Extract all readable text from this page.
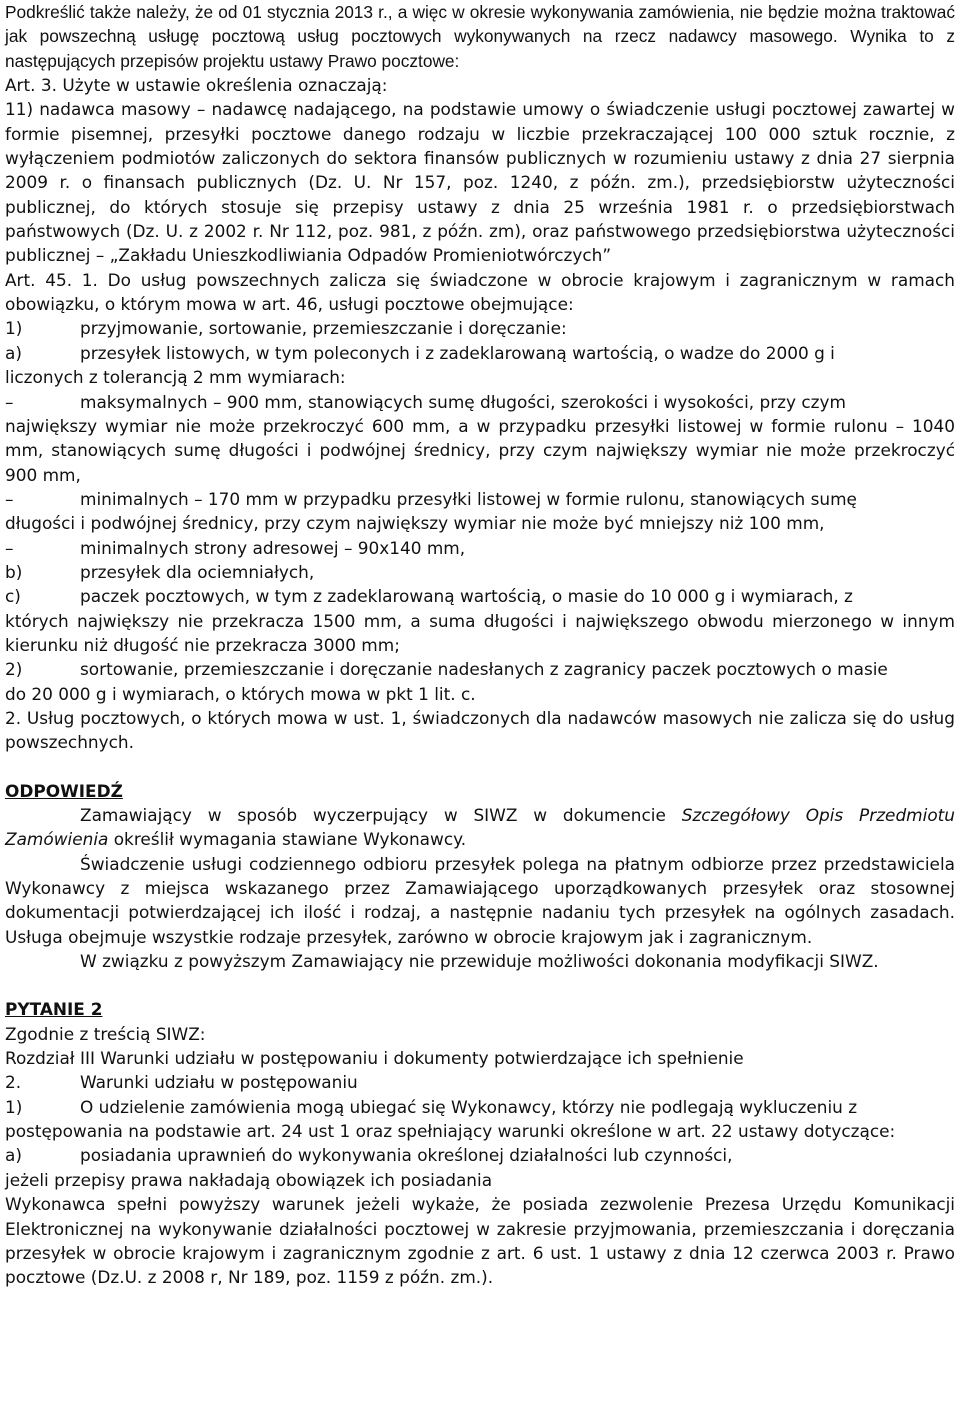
Podkreślić także należy, że od 01 stycznia 2013 r., a więc w okresie wykonywania zamówienia, nie będzie można traktować jak powszechną usługę pocztową usług pocztowych wykonywanych na rzecz nadawcy masowego. Wynika to z następujących przepisów projektu ustawy Prawo pocztowe:
Art. 3. Użyte w ustawie określenia oznaczają:
11) nadawca masowy – nadawcę nadającego, na podstawie umowy o świadczenie usługi pocztowej zawartej w formie pisemnej, przesyłki pocztowe danego rodzaju w liczbie przekraczającej 100 000 sztuk rocznie, z wyłączeniem podmiotów zaliczonych do sektora finansów publicznych w rozumieniu ustawy z dnia 27 sierpnia 2009 r. o finansach publicznych (Dz. U. Nr 157, poz. 1240, z późn. zm.), przedsiębiorstw użyteczności publicznej, do których stosuje się przepisy ustawy z dnia 25 września 1981 r. o przedsiębiorstwach państwowych (Dz. U. z 2002 r. Nr 112, poz. 981, z późn. zm), oraz państwowego przedsiębiorstwa użyteczności publicznej – „Zakładu Unieszkodliwiania Odpadów Promieniotwórczych”
Art. 45. 1. Do usług powszechnych zalicza się świadczone w obrocie krajowym i zagranicznym w ramach obowiązku, o którym mowa w art. 46, usługi pocztowe obejmujące:
1)	przyjmowanie, sortowanie, przemieszczanie i doręczanie:
a)	przesyłek listowych, w tym poleconych i z zadeklarowaną wartością, o wadze do 2000 g i
liczonych z tolerancją 2 mm wymiarach:
–	maksymalnych – 900 mm, stanowiących sumę długości, szerokości i wysokości, przy czym
największy wymiar nie może przekroczyć 600 mm, a w przypadku przesyłki listowej w formie rulonu – 1040 mm, stanowiących sumę długości i podwójnej średnicy, przy czym największy wymiar nie może przekroczyć 900 mm,
–	minimalnych – 170 mm w przypadku przesyłki listowej w formie rulonu, stanowiących sumę
długości i podwójnej średnicy, przy czym największy wymiar nie może być mniejszy niż 100 mm,
–	minimalnych strony adresowej – 90x140 mm,
b)	przesyłek dla ociemniałych,
c)	paczek pocztowych, w tym z zadeklarowaną wartością, o masie do 10 000 g i wymiarach, z
których największy nie przekracza 1500 mm, a suma długości i największego obwodu mierzonego w innym kierunku niż długość nie przekracza 3000 mm;
2)	sortowanie, przemieszczanie i doręczanie nadesłanych z zagranicy paczek pocztowych o masie
do 20 000 g i wymiarach, o których mowa w pkt 1 lit. c.
2. Usług pocztowych, o których mowa w ust. 1, świadczonych dla nadawców masowych nie zalicza się do usług powszechnych.
ODPOWIEDŹ
Zamawiający w sposób wyczerpujący w SIWZ w dokumencie Szczegółowy Opis Przedmiotu Zamówienia określił wymagania stawiane Wykonawcy.
Świadczenie usługi codziennego odbioru przesyłek polega na płatnym odbiorze przez przedstawiciela Wykonawcy z miejsca wskazanego przez Zamawiającego uporządkowanych przesyłek oraz stosownej dokumentacji potwierdzającej ich ilość i rodzaj, a następnie nadaniu tych przesyłek na ogólnych zasadach. Usługa obejmuje wszystkie rodzaje przesyłek, zarówno w obrocie krajowym jak i zagranicznym.
W związku z powyższym Zamawiający nie przewiduje możliwości dokonania modyfikacji SIWZ.
PYTANIE 2
Zgodnie z treścią SIWZ:
Rozdział III Warunki udziału w postępowaniu i dokumenty potwierdzające ich spełnienie
2.	Warunki udziału w postępowaniu
1)	O udzielenie zamówienia mogą ubiegać się Wykonawcy, którzy nie podlegają wykluczeniu z
postępowania na podstawie art. 24 ust 1 oraz spełniający warunki określone w art. 22 ustawy dotyczące:
a)	posiadania uprawnień do wykonywania określonej działalności lub czynności,
jeżeli przepisy prawa nakładają obowiązek ich posiadania
Wykonawca spełni powyższy warunek jeżeli wykaże, że posiada zezwolenie Prezesa Urzędu Komunikacji Elektronicznej na wykonywanie działalności pocztowej w zakresie przyjmowania, przemieszczania i doręczania przesyłek w obrocie krajowym i zagranicznym zgodnie z art. 6 ust. 1 ustawy z dnia 12 czerwca 2003 r. Prawo pocztowe (Dz.U. z 2008 r, Nr 189, poz. 1159 z późn. zm.).
